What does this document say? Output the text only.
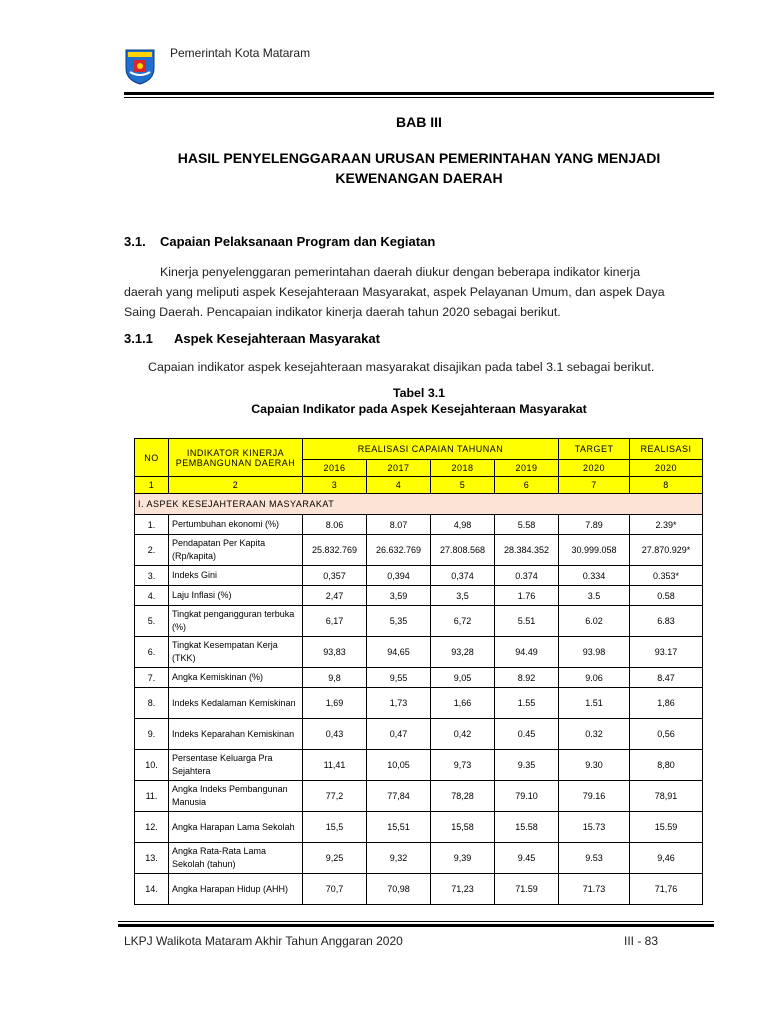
Pemerintah Kota Mataram
BAB III
HASIL PENYELENGGARAAN URUSAN PEMERINTAHAN YANG MENJADI
KEWENANGAN DAERAH
3.1. Capaian Pelaksanaan Program dan Kegiatan
Kinerja penyelenggaran pemerintahan daerah diukur dengan beberapa indikator kinerja
daerah yang meliputi aspek Kesejahteraan Masyarakat, aspek Pelayanan Umum, dan aspek Daya
Saing Daerah. Pencapaian indikator kinerja daerah tahun 2020 sebagai berikut.
3.1.1 Aspek Kesejahteraan Masyarakat
Capaian indikator aspek kesejahteraan masyarakat disajikan pada tabel 3.1 sebagai berikut.
Tabel 3.1
Capaian Indikator pada Aspek Kesejahteraan Masyarakat
NO	INDIKATOR KINERJA PEMBANGUNAN DAERAH	REALISASI CAPAIAN TAHUNAN				TARGET	REALISASI
		2016	2017	2018	2019	2020	2020
1	2	3	4	5	6	7	8
I. ASPEK KESEJAHTERAAN MASYARAKAT							
1.	Pertumbuhan ekonomi (%)	8.06	8.07	4,98	5.58	7.89	2.39*
2.	Pendapatan Per Kapita (Rp/kapita)	25.832.769	26.632.769	27.808.568	28.384.352	30.999.058	27.870.929*
3.	Indeks Gini	0,357	0,394	0,374	0.374	0.334	0.353*
4.	Laju Inflasi (%)	2,47	3,59	3,5	1.76	3.5	0.58
5.	Tingkat pengangguran terbuka (%)	6,17	5,35	6,72	5.51	6.02	6.83
6.	Tingkat Kesempatan Kerja (TKK)	93,83	94,65	93,28	94.49	93.98	93.17
7.	Angka Kemiskinan (%)	9,8	9,55	9,05	8.92	9.06	8.47
8.	Indeks Kedalaman Kemiskinan	1,69	1,73	1,66	1.55	1.51	1,86
9.	Indeks Keparahan Kemiskinan	0,43	0,47	0,42	0.45	0.32	0,56
10.	Persentase Keluarga Pra Sejahtera	11,41	10,05	9,73	9.35	9.30	8,80
11.	Angka Indeks Pembangunan Manusia	77,2	77,84	78,28	79.10	79.16	78,91
12.	Angka Harapan Lama Sekolah	15,5	15,51	15,58	15.58	15.73	15.59
13.	Angka Rata-Rata Lama Sekolah (tahun)	9,25	9,32	9,39	9.45	9.53	9,46
14.	Angka Harapan Hidup (AHH)	70,7	70,98	71,23	71.59	71.73	71,76
LKPJ Walikota Mataram Akhir Tahun Anggaran 2020	III - 83
